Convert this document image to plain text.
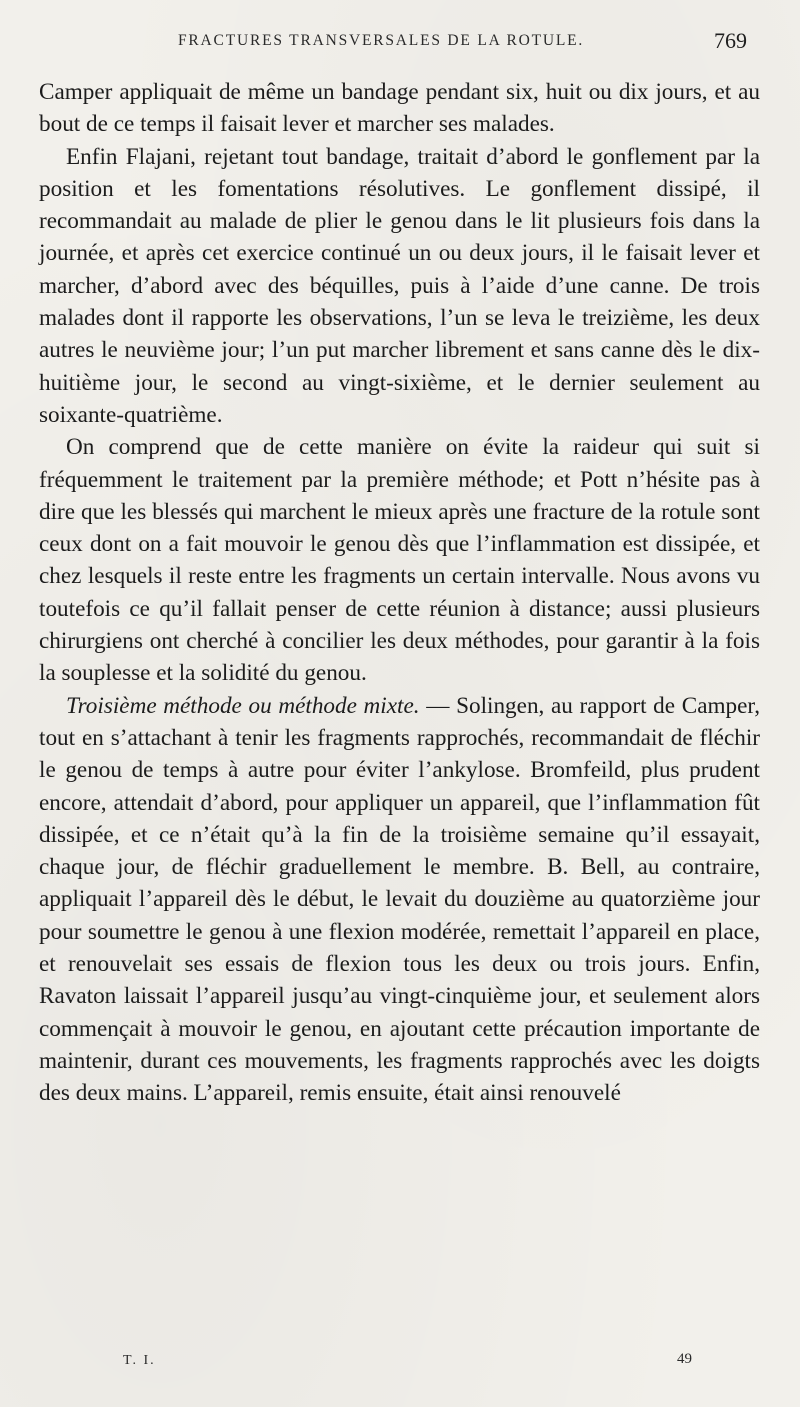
FRACTURES TRANSVERSALES DE LA ROTULE.	769

Camper appliquait de même un bandage pendant six, huit ou dix jours, et au bout de ce temps il faisait lever et marcher ses malades.

Enfin Flajani, rejetant tout bandage, traitait d’abord le gonflement par la position et les fomentations résolutives. Le gonflement dissipé, il recommandait au malade de plier le genou dans le lit plusieurs fois dans la journée, et après cet exercice continué un ou deux jours, il le faisait lever et marcher, d’abord avec des béquilles, puis à l’aide d’une canne. De trois malades dont il rapporte les observations, l’un se leva le treizième, les deux autres le neuvième jour; l’un put marcher librement et sans canne dès le dix-huitième jour, le second au vingt-sixième, et le dernier seulement au soixante-quatrième.

On comprend que de cette manière on évite la raideur qui suit si fréquemment le traitement par la première méthode; et Pott n’hésite pas à dire que les blessés qui marchent le mieux après une fracture de la rotule sont ceux dont on a fait mouvoir le genou dès que l’inflammation est dissipée, et chez lesquels il reste entre les fragments un certain intervalle. Nous avons vu toutefois ce qu’il fallait penser de cette réunion à distance; aussi plusieurs chirurgiens ont cherché à concilier les deux méthodes, pour garantir à la fois la souplesse et la solidité du genou.

Troisième méthode ou méthode mixte. — Solingen, au rapport de Camper, tout en s’attachant à tenir les fragments rapprochés, recommandait de fléchir le genou de temps à autre pour éviter l’ankylose. Bromfeild, plus prudent encore, attendait d’abord, pour appliquer un appareil, que l’inflammation fût dissipée, et ce n’était qu’à la fin de la troisième semaine qu’il essayait, chaque jour, de fléchir graduellement le membre. B. Bell, au contraire, appliquait l’appareil dès le début, le levait du douzième au quatorzième jour pour soumettre le genou à une flexion modérée, remettait l’appareil en place, et renouvelait ses essais de flexion tous les deux ou trois jours. Enfin, Ravaton laissait l’appareil jusqu’au vingt-cinquième jour, et seulement alors commençait à mouvoir le genou, en ajoutant cette précaution importante de maintenir, durant ces mouvements, les fragments rapprochés avec les doigts des deux mains. L’appareil, remis ensuite, était ainsi renouvelé

T. I.	49
